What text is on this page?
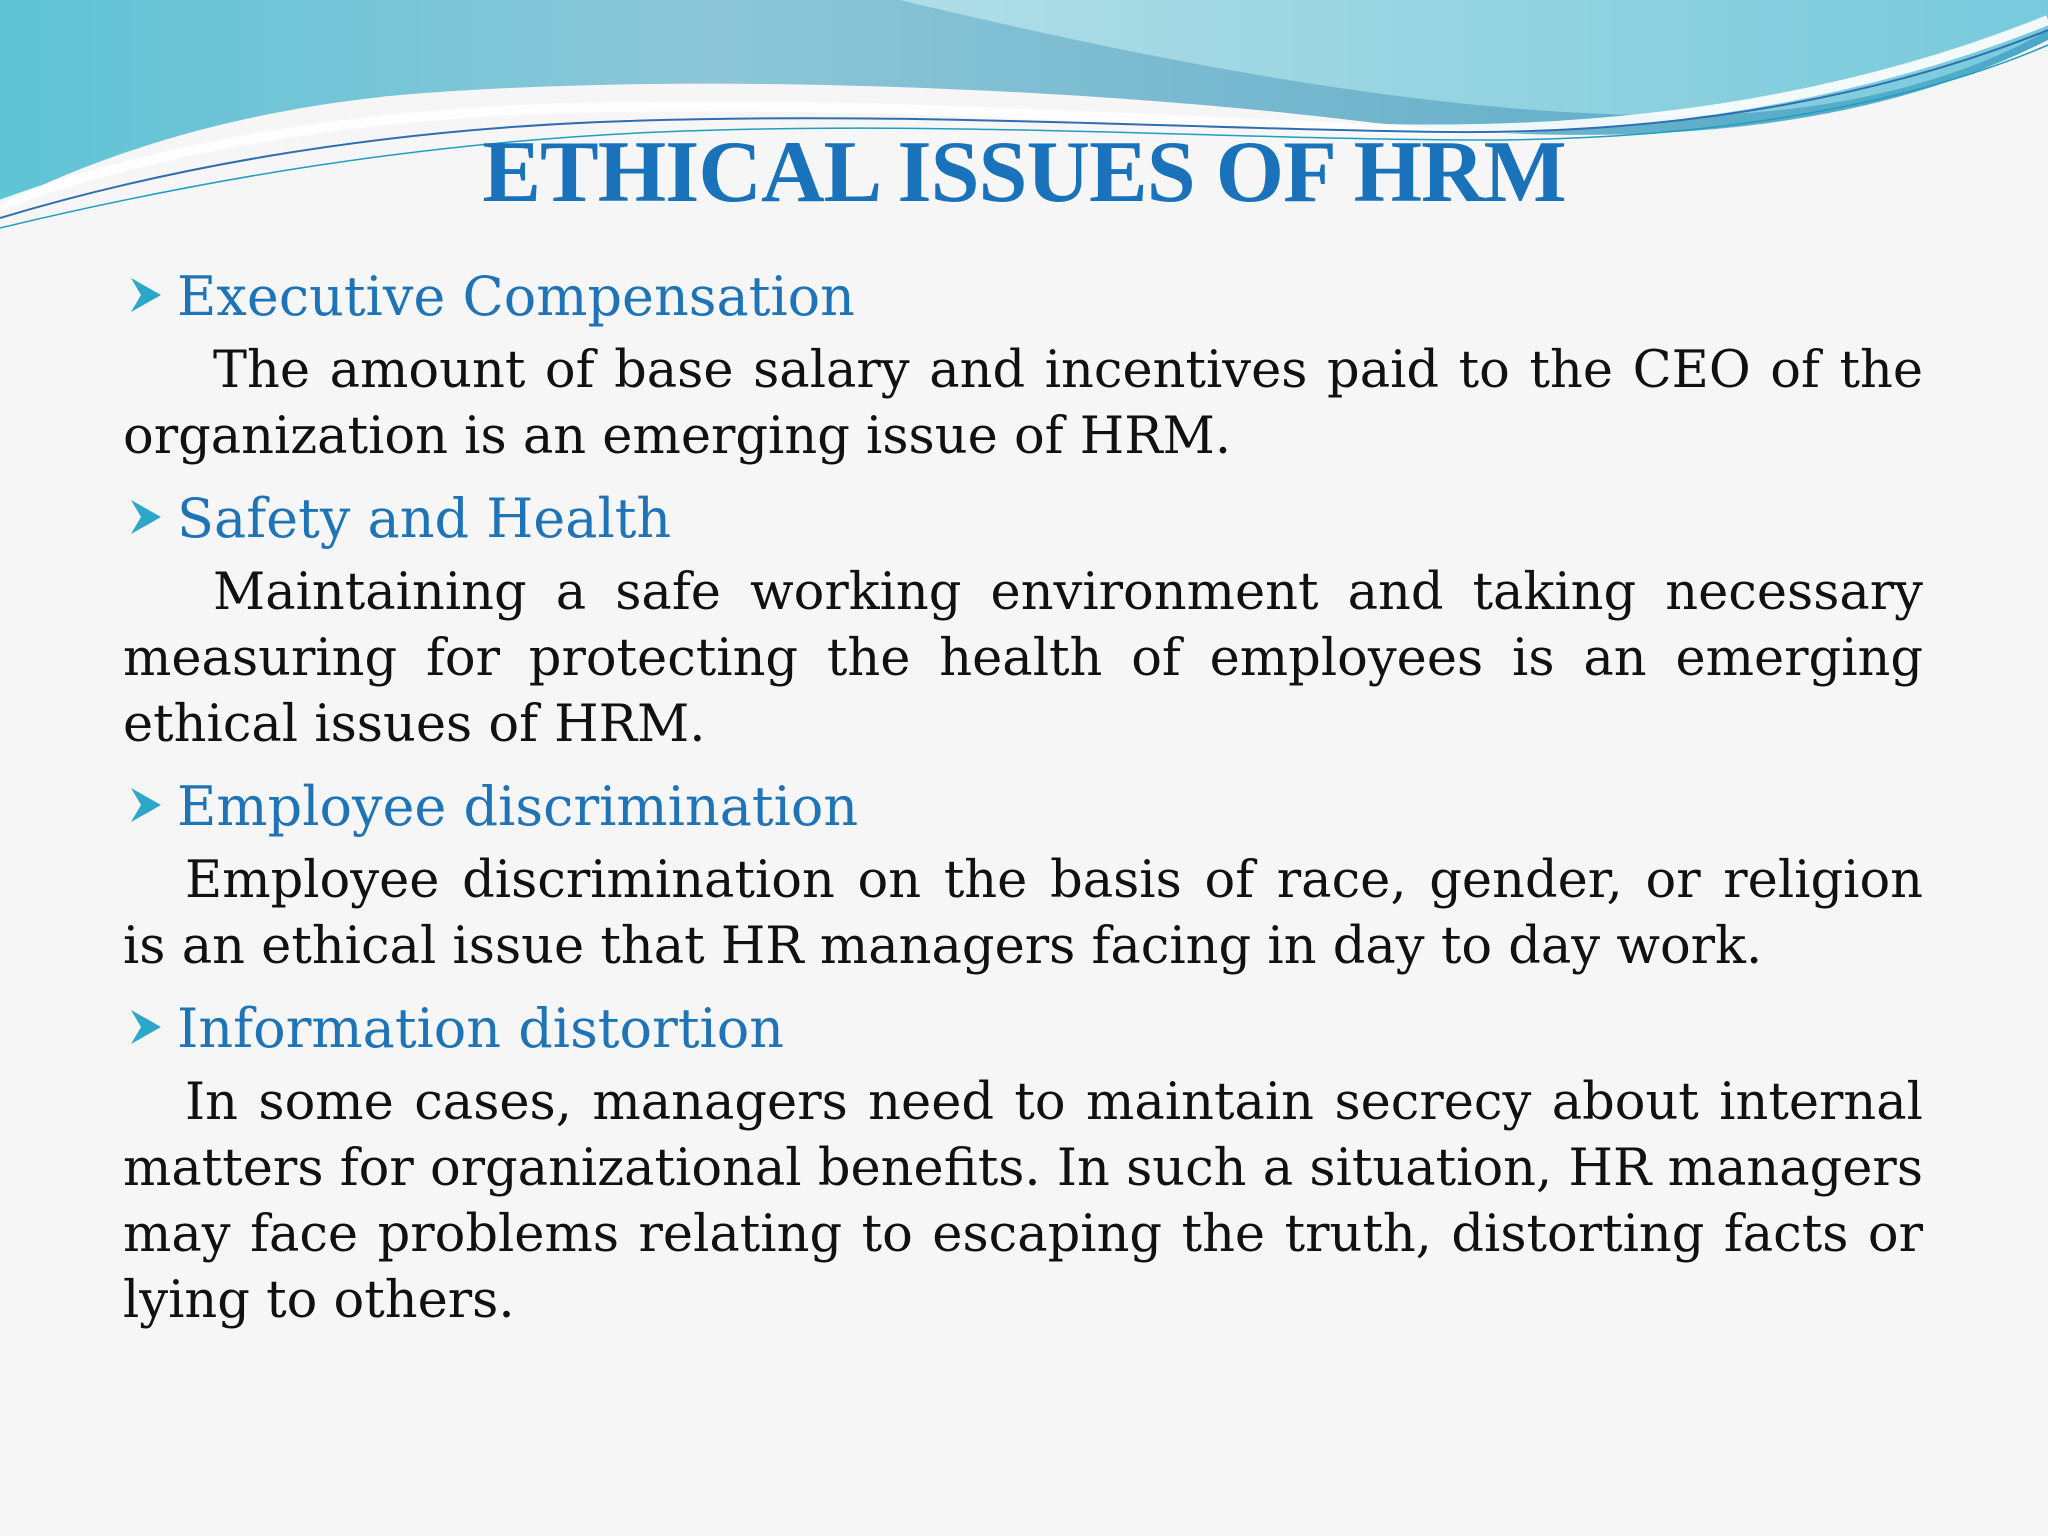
ETHICAL ISSUES OF HRM
Executive Compensation

The amount of base salary and incentives paid to the CEO of the organization is an emerging issue of HRM.

Safety and Health

Maintaining a safe working environment and taking necessary measuring for protecting the health of employees is an emerging ethical issues of HRM.

Employee discrimination

Employee discrimination on the basis of race, gender, or religion is an ethical issue that HR managers facing in day to day work.

Information distortion

In some cases, managers need to maintain secrecy about internal matters for organizational benefits. In such a situation, HR managers may face problems relating to escaping the truth, distorting facts or lying to others.
